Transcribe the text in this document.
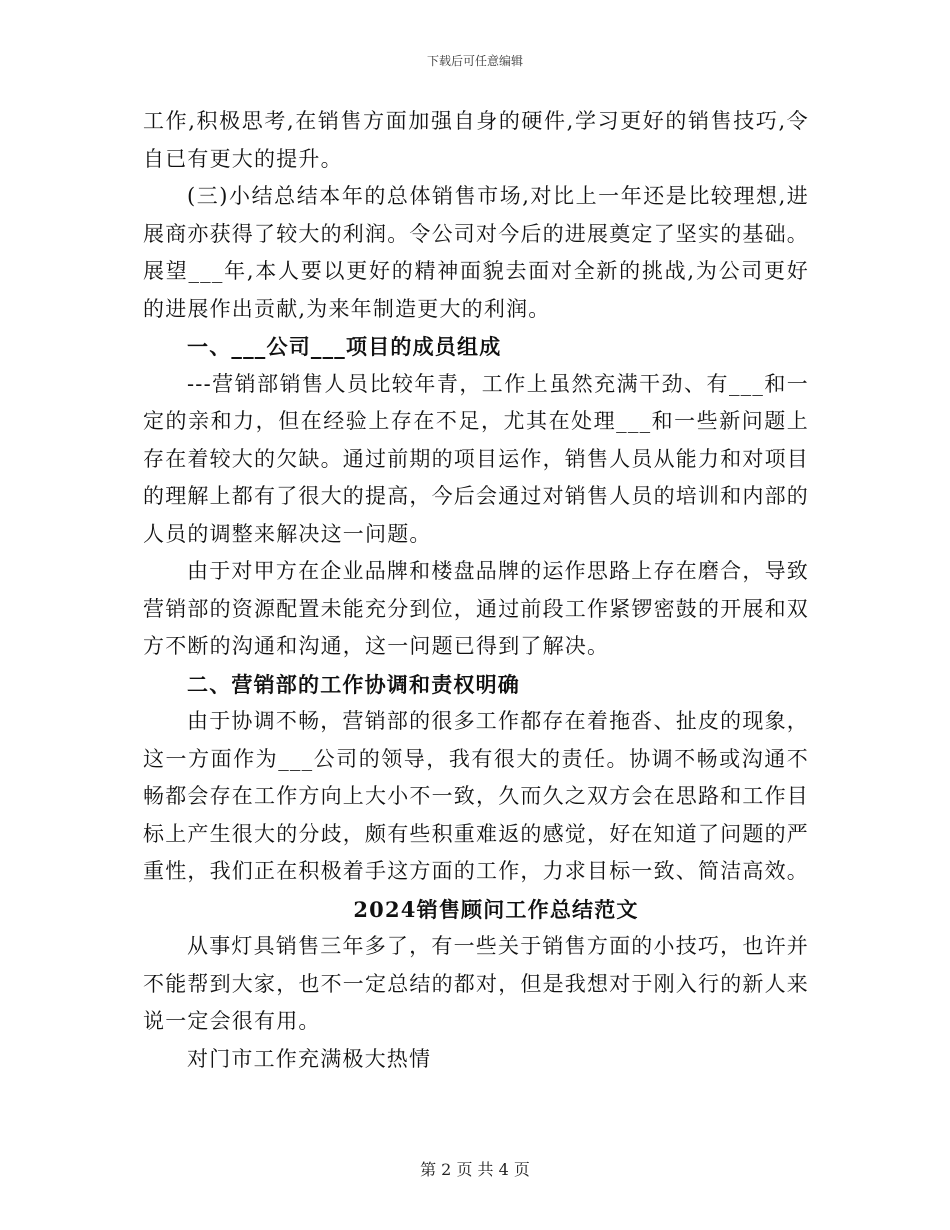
下载后可任意编辑

工作,积极思考,在销售方面加强自身的硬件,学习更好的销售技巧,令自已有更大的提升。

(三)小结总结本年的总体销售市场,对比上一年还是比较理想,进展商亦获得了较大的利润。令公司对今后的进展奠定了坚实的基础。展望___年,本人要以更好的精神面貌去面对全新的挑战,为公司更好的进展作出贡献,为来年制造更大的利润。

一、___公司___项目的成员组成

---营销部销售人员比较年青，工作上虽然充满干劲、有___和一定的亲和力，但在经验上存在不足，尤其在处理___和一些新问题上存在着较大的欠缺。通过前期的项目运作，销售人员从能力和对项目的理解上都有了很大的提高，今后会通过对销售人员的培训和内部的人员的调整来解决这一问题。

由于对甲方在企业品牌和楼盘品牌的运作思路上存在磨合，导致营销部的资源配置未能充分到位，通过前段工作紧锣密鼓的开展和双方不断的沟通和沟通，这一问题已得到了解决。

二、营销部的工作协调和责权明确

由于协调不畅，营销部的很多工作都存在着拖沓、扯皮的现象，这一方面作为___公司的领导，我有很大的责任。协调不畅或沟通不畅都会存在工作方向上大小不一致，久而久之双方会在思路和工作目标上产生很大的分歧，颇有些积重难返的感觉，好在知道了问题的严重性，我们正在积极着手这方面的工作，力求目标一致、简洁高效。

2024销售顾问工作总结范文

从事灯具销售三年多了，有一些关于销售方面的小技巧，也许并不能帮到大家，也不一定总结的都对，但是我想对于刚入行的新人来说一定会很有用。

对门市工作充满极大热情

第 2 页 共 4 页
